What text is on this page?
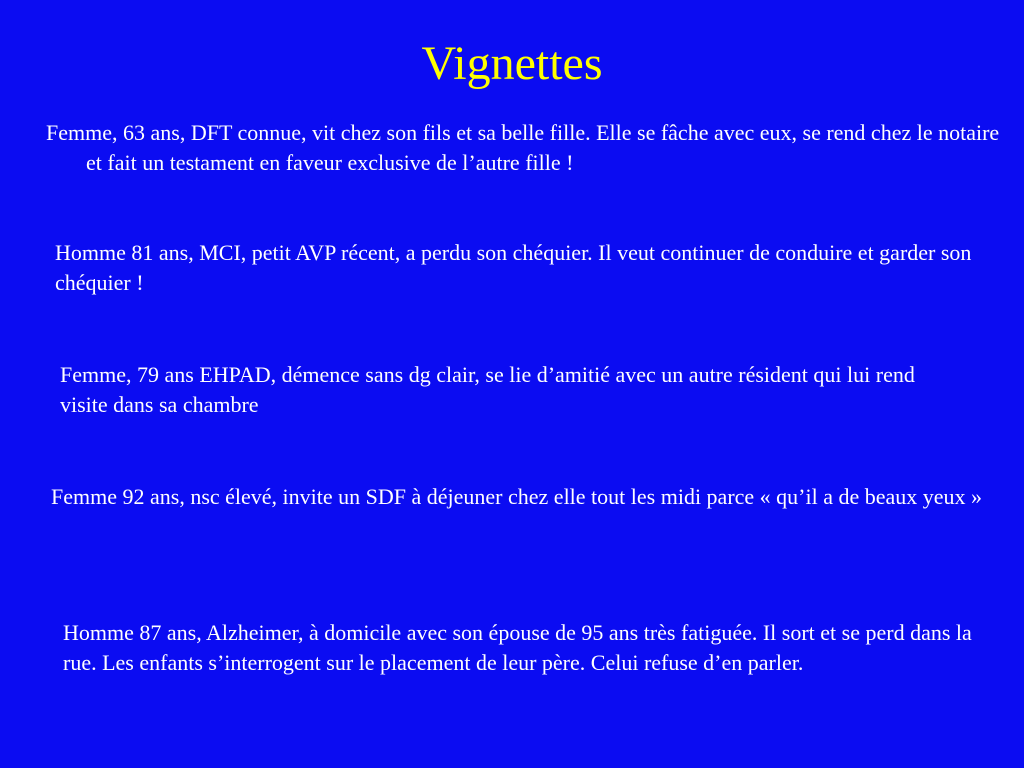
Vignettes

Femme, 63 ans, DFT connue, vit chez son fils et sa belle fille. Elle se fâche avec eux, se rend chez le notaire et fait un testament en faveur exclusive de l’autre fille !

Homme 81 ans, MCI, petit AVP récent, a perdu son chéquier. Il veut continuer de conduire et garder son chéquier !

Femme, 79 ans EHPAD, démence sans dg clair, se lie d’amitié avec un autre résident qui lui rend visite dans sa chambre

Femme 92 ans, nsc élevé, invite un SDF à déjeuner chez elle tout les midi parce « qu’il a de beaux yeux »

Homme 87 ans, Alzheimer, à domicile avec son épouse de 95 ans très fatiguée. Il sort et se perd dans la rue. Les enfants s’interrogent sur le placement de leur père. Celui refuse d’en parler.
